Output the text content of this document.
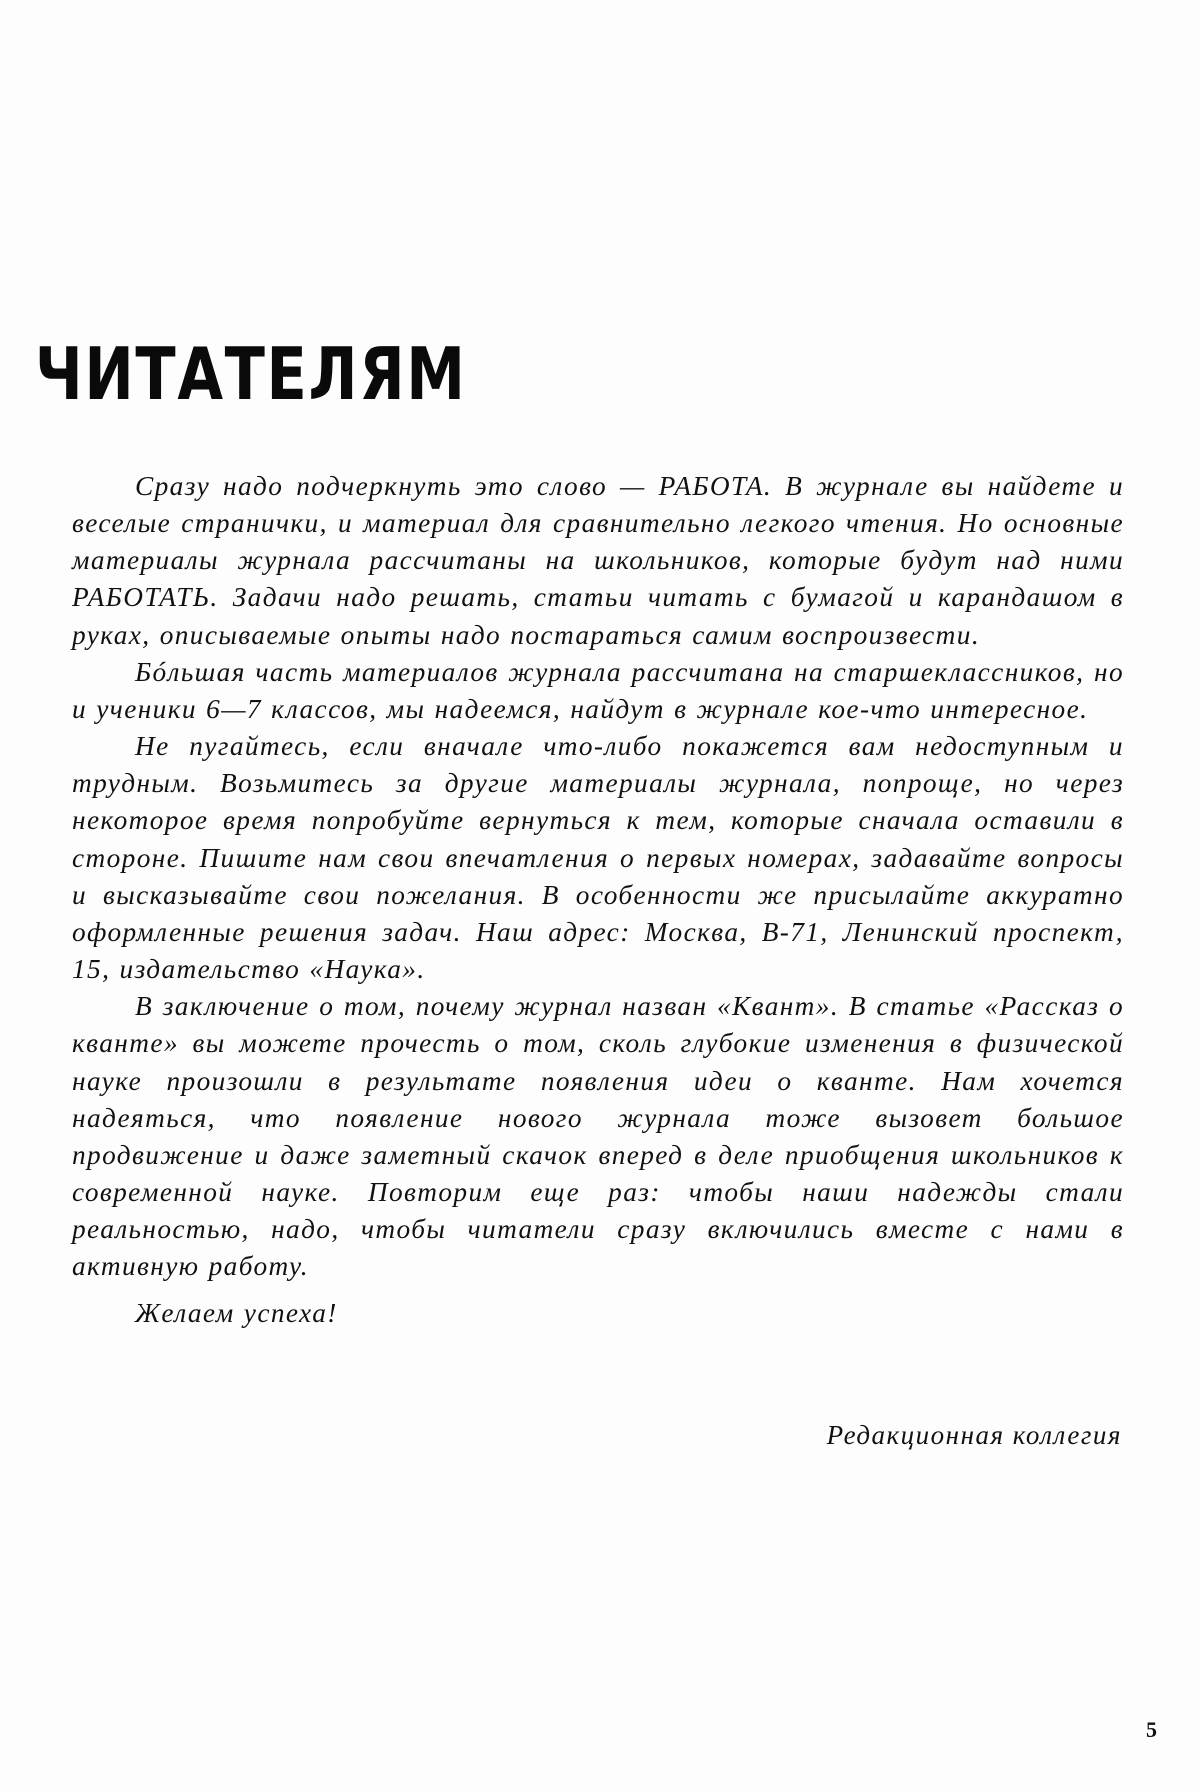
ЧИТАТЕЛЯМ

Сразу надо подчеркнуть это слово — РАБОТА. В журнале вы найдете и веселые странички, и материал для сравнительно легкого чтения. Но основные материалы журнала рассчитаны на школьников, которые будут над ними РАБОТАТЬ. Задачи надо решать, статьи читать с бумагой и карандашом в руках, описываемые опыты надо постараться самим воспроизвести.

Бóльшая часть материалов журнала рассчитана на старшеклассников, но и ученики 6—7 классов, мы надеемся, найдут в журнале кое-что интересное.

Не пугайтесь, если вначале что-либо покажется вам недоступным и трудным. Возьмитесь за другие материалы журнала, попроще, но через некоторое время попробуйте вернуться к тем, которые сначала оставили в стороне. Пишите нам свои впечатления о первых номерах, задавайте вопросы и высказывайте свои пожелания. В особенности же присылайте аккуратно оформленные решения задач. Наш адрес: Москва, В-71, Ленинский проспект, 15, издательство «Наука».

В заключение о том, почему журнал назван «Квант». В статье «Рассказ о кванте» вы можете прочесть о том, сколь глубокие изменения в физической науке произошли в результате появления идеи о кванте. Нам хочется надеяться, что появление нового журнала тоже вызовет большое продвижение и даже заметный скачок вперед в деле приобщения школьников к современной науке. Повторим еще раз: чтобы наши надежды стали реальностью, надо, чтобы читатели сразу включились вместе с нами в активную работу.

Желаем успеха!

Редакционная коллегия
5
